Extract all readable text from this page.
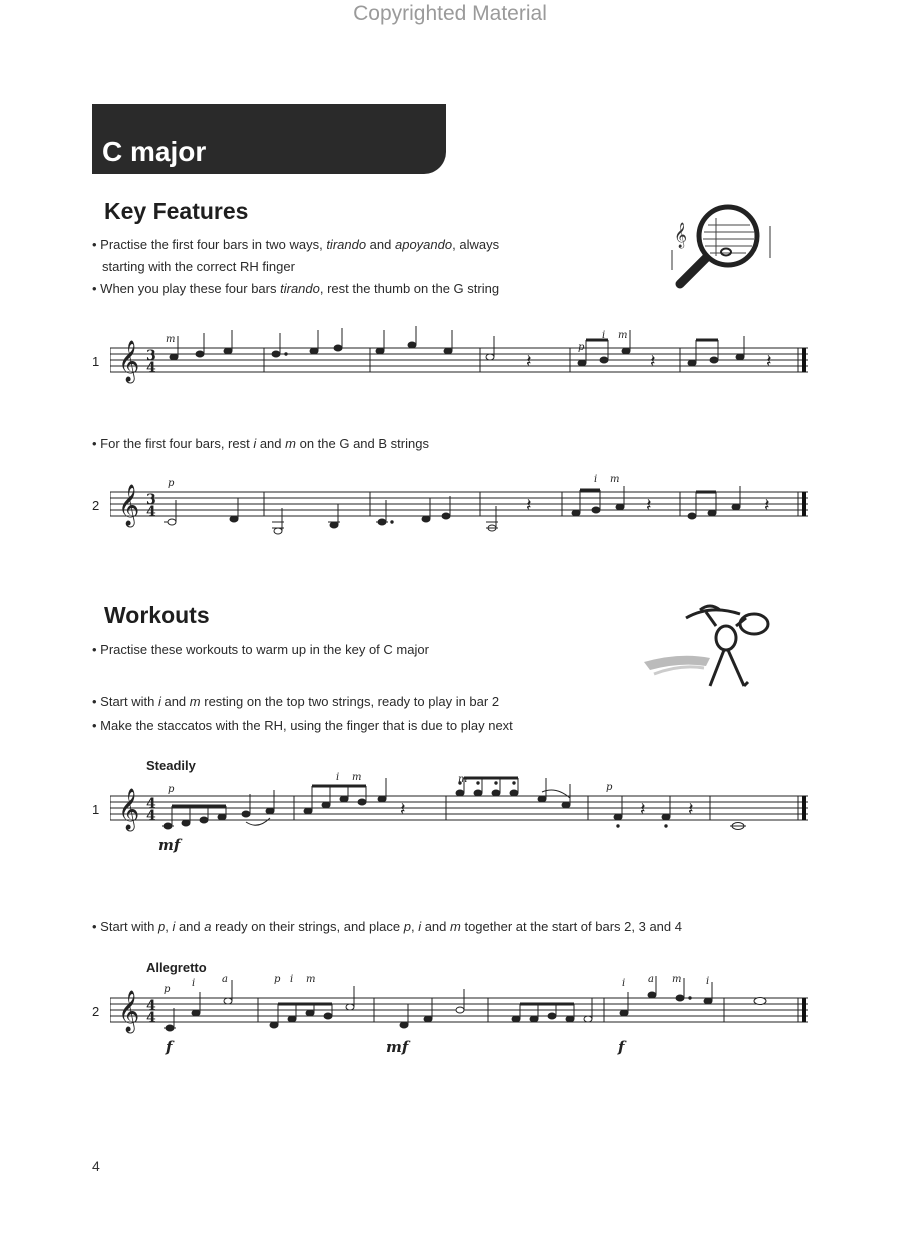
Copyrighted Material
C major
Key Features
• Practise the first four bars in two ways, tirando and apoyando, always
starting with the correct RH finger
• When you play these four bars tirando, rest the thumb on the G string
𝄞
1 𝄞 3
4	𝄽	𝄽	𝄽
m
p
i m
• For the first four bars, rest i and m on the G and B strings
2 𝄞 3
4	𝄽	𝄽	𝄽
p	i m
Workouts
• Practise these workouts to warm up in the key of C major
• Start with i and m resting on the top two strings, ready to play in bar 2
• Make the staccatos with the RH, using the finger that is due to play next
Steadily
1 𝄞 4
4	𝄽	𝄽 𝄽
p
i m	m
p
mf
• Start with p, i and a ready on their strings, and place p, i and m together at the start of bars 2, 3 and 4
Allegretto
2 𝄞 4
4
p
i	a	p i m	i a m i
f	mf	f
4
